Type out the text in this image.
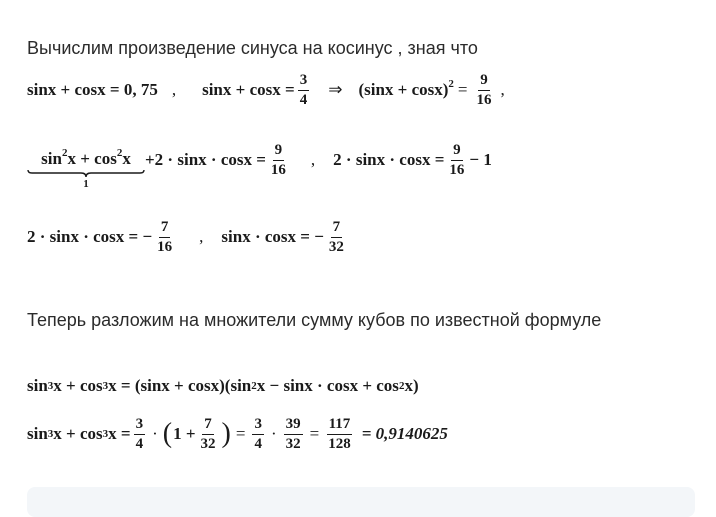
Вычислим произведение синуса на косинус , зная что
sinx + cosx = 0, 75 , $\sin x + \cos x = \frac{3}{4}$ ⇒ $(\sin x + \cos x)^2 = \frac{9}{16}$ ,
$\sin^2x + \cos^2x$
1
$+2 \cdot \sin x \cdot \cos x = \frac{9}{16}$ , $2 \cdot \sin x \cdot \cos x = \frac{9}{16} - 1$
2 · sinx · cosx = − $\frac{7}{16}$ , sinx · cosx = − $\frac{7}{32}$
Теперь разложим на множители сумму кубов по известной формуле
sin 3 x + cos 3 x = (sinx + cosx)(sin 2 x − sinx · cosx + cos 2 x)
sin 3 x + cos 3 $x = \frac{3}{4}$ · ( $1 + \frac{7}{32}$ ) = $\frac{3}{4} \cdot \frac{39}{32} = \frac{117}{128} = 0,9140625$
